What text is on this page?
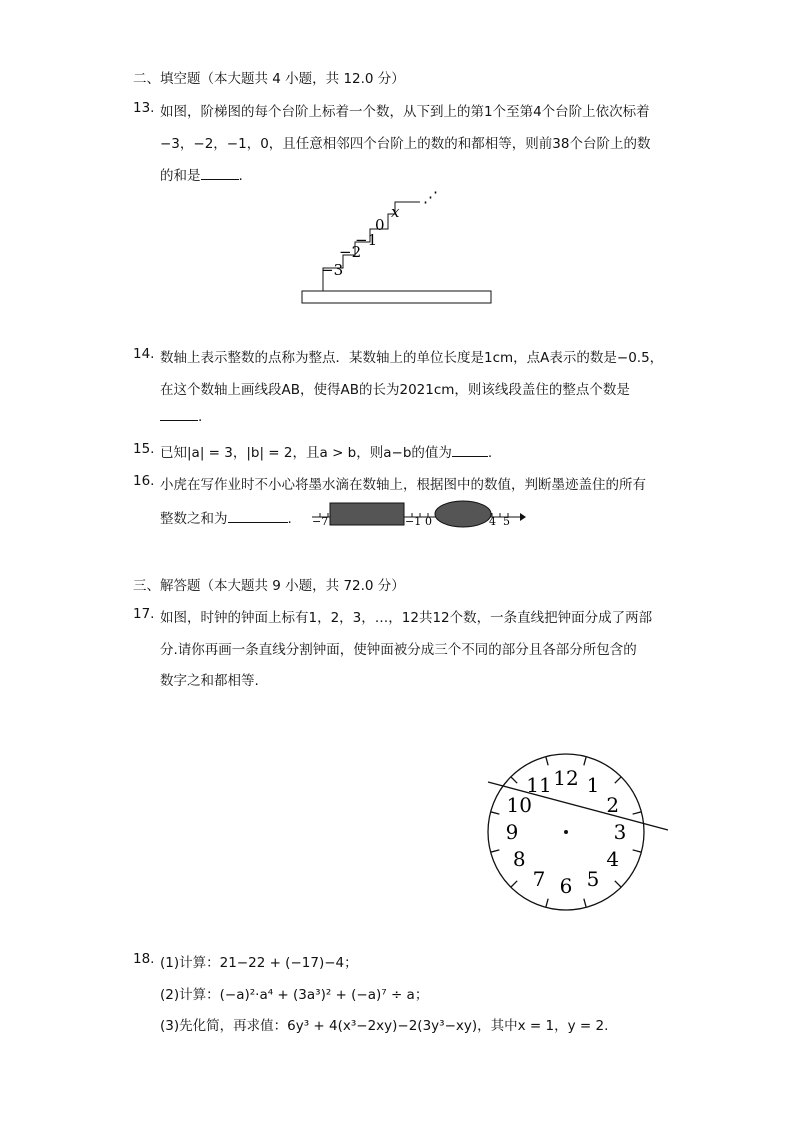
二、填空题（本大题共 4 小题，共 12.0 分）
13. 如图，阶梯图的每个台阶上标着一个数，从下到上的第1个至第4个台阶上依次标着
−3，−2，−1，0，且任意相邻四个台阶上的数的和都相等，则前38个台阶上的数
的和是	.
−3
−2
−1
0
x
⋰
14. 数轴上表示整数的点称为整点．某数轴上的单位长度是1cm，点A表示的数是−0.5，
在这个数轴上画线段AB，使得AB的长为2021cm，则该线段盖住的整点个数是
.
15. 已知|a| = 3，|b| = 2，且a > b，则a−b的值为	.
16. 小虎在写作业时不小心将墨水滴在数轴上，根据图中的数值，判断墨迹盖住的所有
整数之和为	. −7	−1 0	4 5
三、解答题（本大题共 9 小题，共 72.0 分）
17. 如图，时钟的钟面上标有1，2，3，…，12共12个数，一条直线把钟面分成了两部
分.请你再画一条直线分割钟面，使钟面被分成三个不同的部分且各部分所包含的
数字之和都相等.
12 1
2
3
4
5
6
7
8
9
10
11
18. (1)计算：21−22 + (−17)−4；
(2)计算：(−a)²·a⁴ + (3a³)² + (−a)⁷ ÷ a；
(3)先化简，再求值：6y³ + 4(x³−2xy)−2(3y³−xy)，其中x = 1，y = 2.
